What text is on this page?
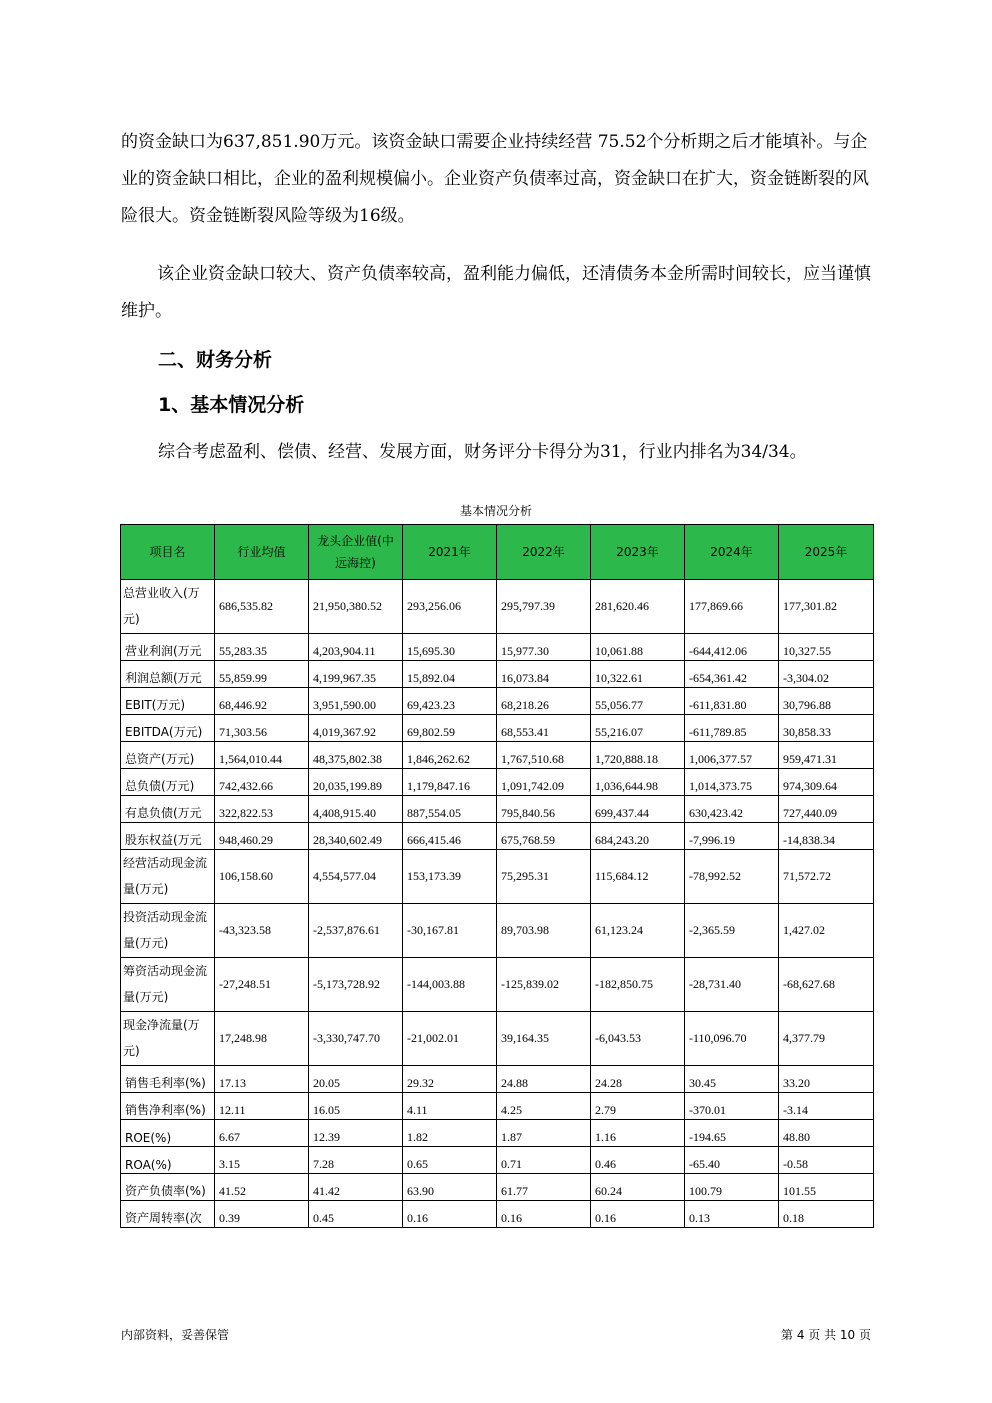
的资金缺口为637,851.90万元。该资金缺口需要企业持续经营 75.52个分析期之后才能填补。与企业的资金缺口相比，企业的盈利规模偏小。企业资产负债率过高，资金缺口在扩大，资金链断裂的风险很大。资金链断裂风险等级为16级。

该企业资金缺口较大、资产负债率较高，盈利能力偏低，还清债务本金所需时间较长，应当谨慎维护。

二、财务分析
1、基本情况分析

综合考虑盈利、偿债、经营、发展方面，财务评分卡得分为31，行业内排名为34/34。

基本情况分析
项目名	行业均值	龙头企业值(中远海控)	2021年	2022年	2023年	2024年	2025年
总营业收入(万元)	686,535.82	21,950,380.52	293,256.06	295,797.39	281,620.46	177,869.66	177,301.82
营业利润(万元	55,283.35	4,203,904.11	15,695.30	15,977.30	10,061.88	-644,412.06	10,327.55
利润总额(万元	55,859.99	4,199,967.35	15,892.04	16,073.84	10,322.61	-654,361.42	-3,304.02
EBIT(万元)	68,446.92	3,951,590.00	69,423.23	68,218.26	55,056.77	-611,831.80	30,796.88
EBITDA(万元)	71,303.56	4,019,367.92	69,802.59	68,553.41	55,216.07	-611,789.85	30,858.33
总资产(万元)	1,564,010.44	48,375,802.38	1,846,262.62	1,767,510.68	1,720,888.18	1,006,377.57	959,471.31
总负债(万元)	742,432.66	20,035,199.89	1,179,847.16	1,091,742.09	1,036,644.98	1,014,373.75	974,309.64
有息负债(万元	322,822.53	4,408,915.40	887,554.05	795,840.56	699,437.44	630,423.42	727,440.09
股东权益(万元	948,460.29	28,340,602.49	666,415.46	675,768.59	684,243.20	-7,996.19	-14,838.34
经营活动现金流量(万元)	106,158.60	4,554,577.04	153,173.39	75,295.31	115,684.12	-78,992.52	71,572.72
投资活动现金流量(万元)	-43,323.58	-2,537,876.61	-30,167.81	89,703.98	61,123.24	-2,365.59	1,427.02
筹资活动现金流量(万元)	-27,248.51	-5,173,728.92	-144,003.88	-125,839.02	-182,850.75	-28,731.40	-68,627.68
现金净流量(万元)	17,248.98	-3,330,747.70	-21,002.01	39,164.35	-6,043.53	-110,096.70	4,377.79
销售毛利率(%)	17.13	20.05	29.32	24.88	24.28	30.45	33.20
销售净利率(%)	12.11	16.05	4.11	4.25	2.79	-370.01	-3.14
ROE(%)	6.67	12.39	1.82	1.87	1.16	-194.65	48.80
ROA(%)	3.15	7.28	0.65	0.71	0.46	-65.40	-0.58
资产负债率(%)	41.52	41.42	63.90	61.77	60.24	100.79	101.55
资产周转率(次	0.39	0.45	0.16	0.16	0.16	0.13	0.18
内部资料，妥善保管	第 4 页 共 10 页
